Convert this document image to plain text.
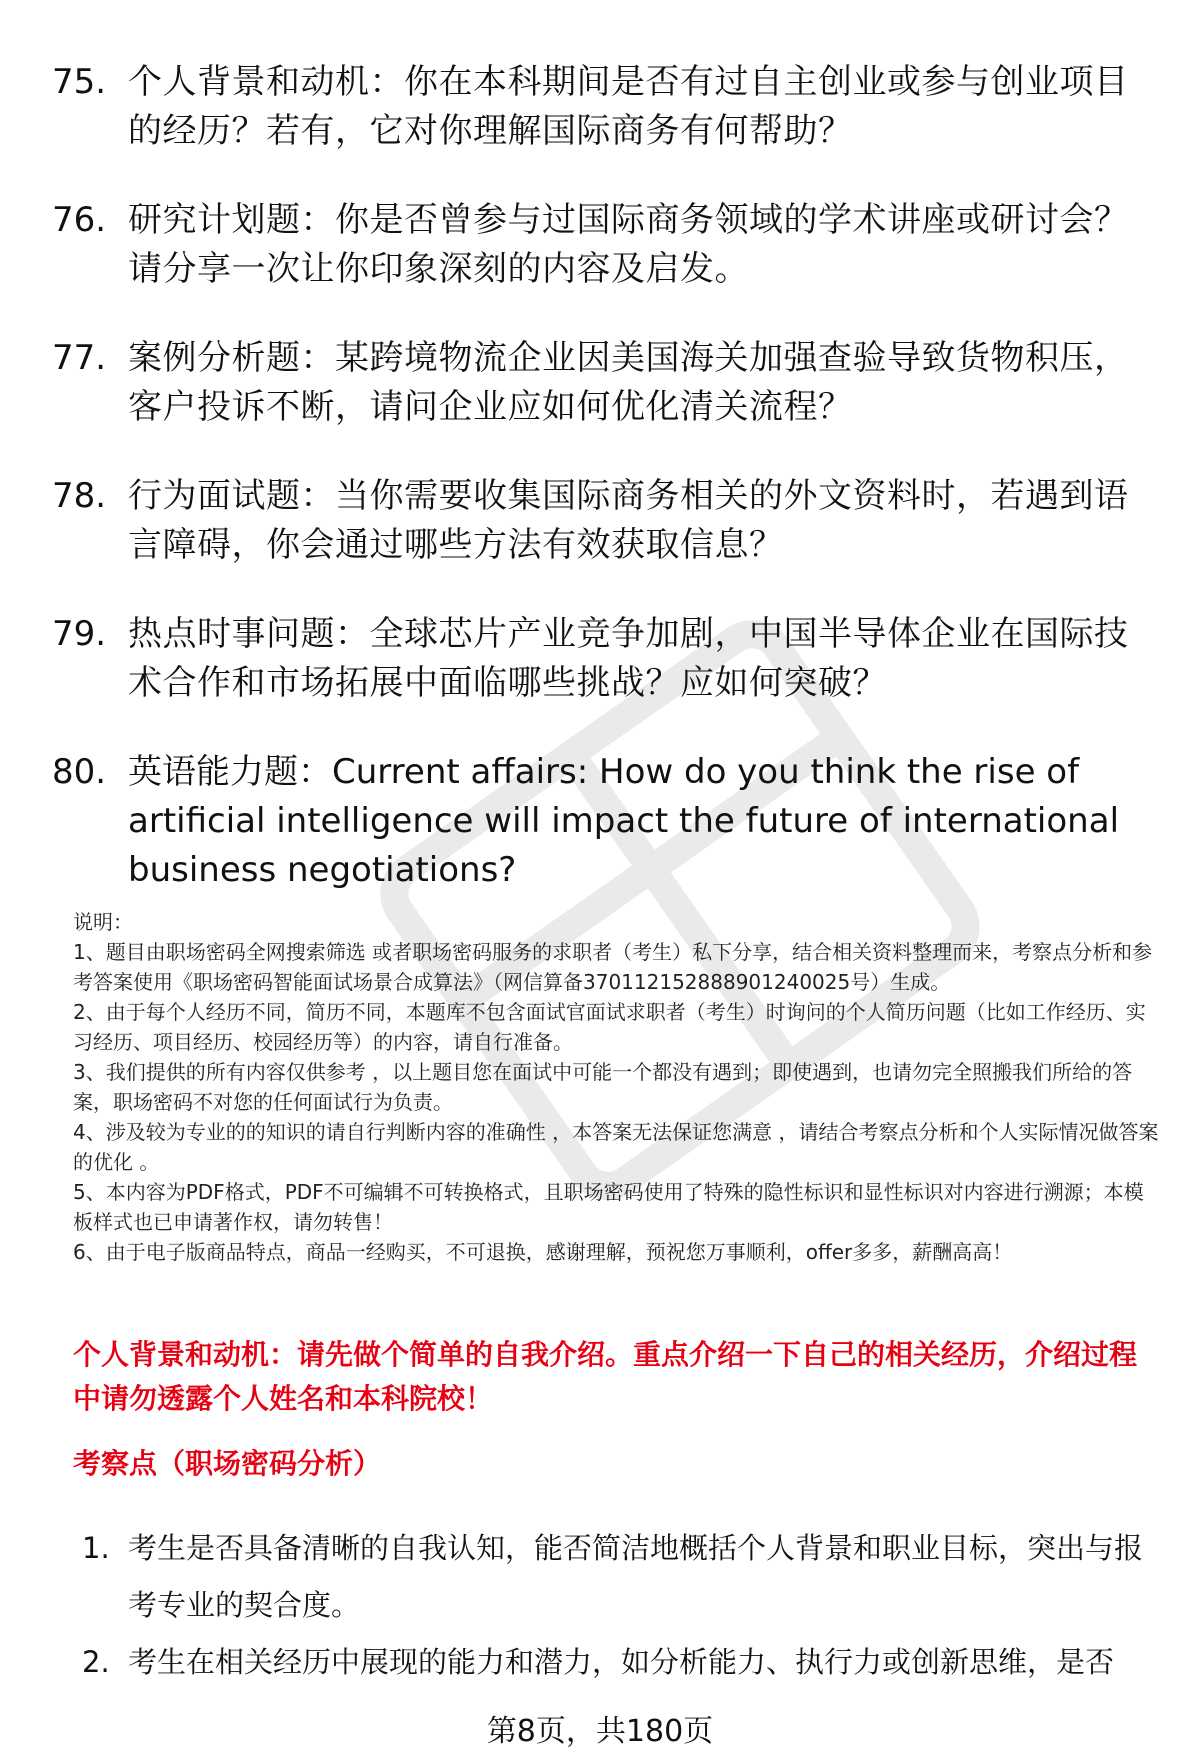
75. 个人背景和动机：你在本科期间是否有过自主创业或参与创业项目的经历？若有，它对你理解国际商务有何帮助？
76. 研究计划题：你是否曾参与过国际商务领域的学术讲座或研讨会？请分享一次让你印象深刻的内容及启发。
77. 案例分析题：某跨境物流企业因美国海关加强查验导致货物积压，客户投诉不断，请问企业应如何优化清关流程？
78. 行为面试题：当你需要收集国际商务相关的外文资料时，若遇到语言障碍，你会通过哪些方法有效获取信息？
79. 热点时事问题：全球芯片产业竞争加剧，中国半导体企业在国际技术合作和市场拓展中面临哪些挑战？应如何突破？
80. 英语能力题：Current affairs: How do you think the rise of artificial intelligence will impact the future of international business negotiations?
说明：
1、题目由职场密码全网搜索筛选 或者职场密码服务的求职者（考生）私下分享，结合相关资料整理而来，考察点分析和参考答案使用《职场密码智能面试场景合成算法》（网信算备370112152888901240025号）生成。
2、由于每个人经历不同，简历不同，本题库不包含面试官面试求职者（考生）时询问的个人简历问题（比如工作经历、实习经历、项目经历、校园经历等）的内容，请自行准备。
3、我们提供的所有内容仅供参考 ，以上题目您在面试中可能一个都没有遇到；即使遇到，也请勿完全照搬我们所给的答案，职场密码不对您的任何面试行为负责。
4、涉及较为专业的的知识的请自行判断内容的准确性 ，本答案无法保证您满意 ，请结合考察点分析和个人实际情况做答案的优化 。
5、本内容为PDF格式，PDF不可编辑不可转换格式，且职场密码使用了特殊的隐性标识和显性标识对内容进行溯源；本模板样式也已申请著作权，请勿转售！
6、由于电子版商品特点，商品一经购买，不可退换，感谢理解，预祝您万事顺利，offer多多，薪酬高高！
个人背景和动机：请先做个简单的自我介绍。重点介绍一下自己的相关经历，介绍过程中请勿透露个人姓名和本科院校！
考察点（职场密码分析）
1. 考生是否具备清晰的自我认知，能否简洁地概括个人背景和职业目标，突出与报考专业的契合度。
2. 考生在相关经历中展现的能力和潜力，如分析能力、执行力或创新思维，是否
第8页，共180页
